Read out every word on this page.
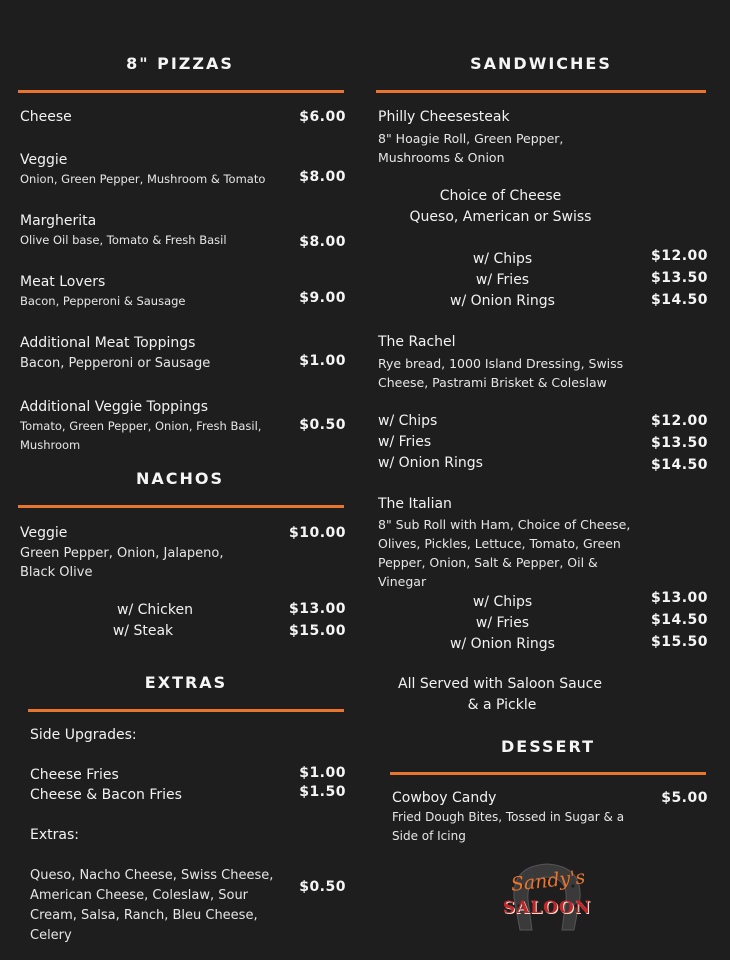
8" PIZZAS
Cheese	$6.00
Veggie
Onion, Green Pepper, Mushroom & Tomato	$8.00
Margherita
Olive Oil base, Tomato & Fresh Basil	$8.00
Meat Lovers
Bacon, Pepperoni & Sausage	$9.00
Additional Meat Toppings
Bacon, Pepperoni or Sausage	$1.00
Additional Veggie Toppings
Tomato, Green Pepper, Onion, Fresh Basil, Mushroom
$0.50
NACHOS
Veggie
Green Pepper, Onion, Jalapeno, Black Olive
$10.00
w/ Chicken	$13.00
w/ Steak	$15.00
EXTRAS
Side Upgrades:
Cheese Fries	$1.00
Cheese & Bacon Fries	$1.50
Extras:
Queso, Nacho Cheese, Swiss Cheese, American Cheese, Coleslaw, Sour Cream, Salsa, Ranch, Bleu Cheese, Celery
$0.50
SANDWICHES
Philly Cheesesteak
8" Hoagie Roll, Green Pepper, Mushrooms & Onion
Choice of Cheese
Queso, American or Swiss
w/ Chips	$12.00
w/ Fries	$13.50
w/ Onion Rings	$14.50
The Rachel
Rye bread, 1000 Island Dressing, Swiss Cheese, Pastrami Brisket & Coleslaw
w/ Chips	$12.00
w/ Fries	$13.50
w/ Onion Rings	$14.50
The Italian
8" Sub Roll with Ham, Choice of Cheese, Olives, Pickles, Lettuce, Tomato, Green Pepper, Onion, Salt & Pepper, Oil & Vinegar
w/ Chips	$13.00
w/ Fries	$14.50
w/ Onion Rings	$15.50
All Served with Saloon Sauce
& a Pickle
DESSERT
Cowboy Candy
Fried Dough Bites, Tossed in Sugar & a Side of Icing
$5.00
Sandy's
SALOON
